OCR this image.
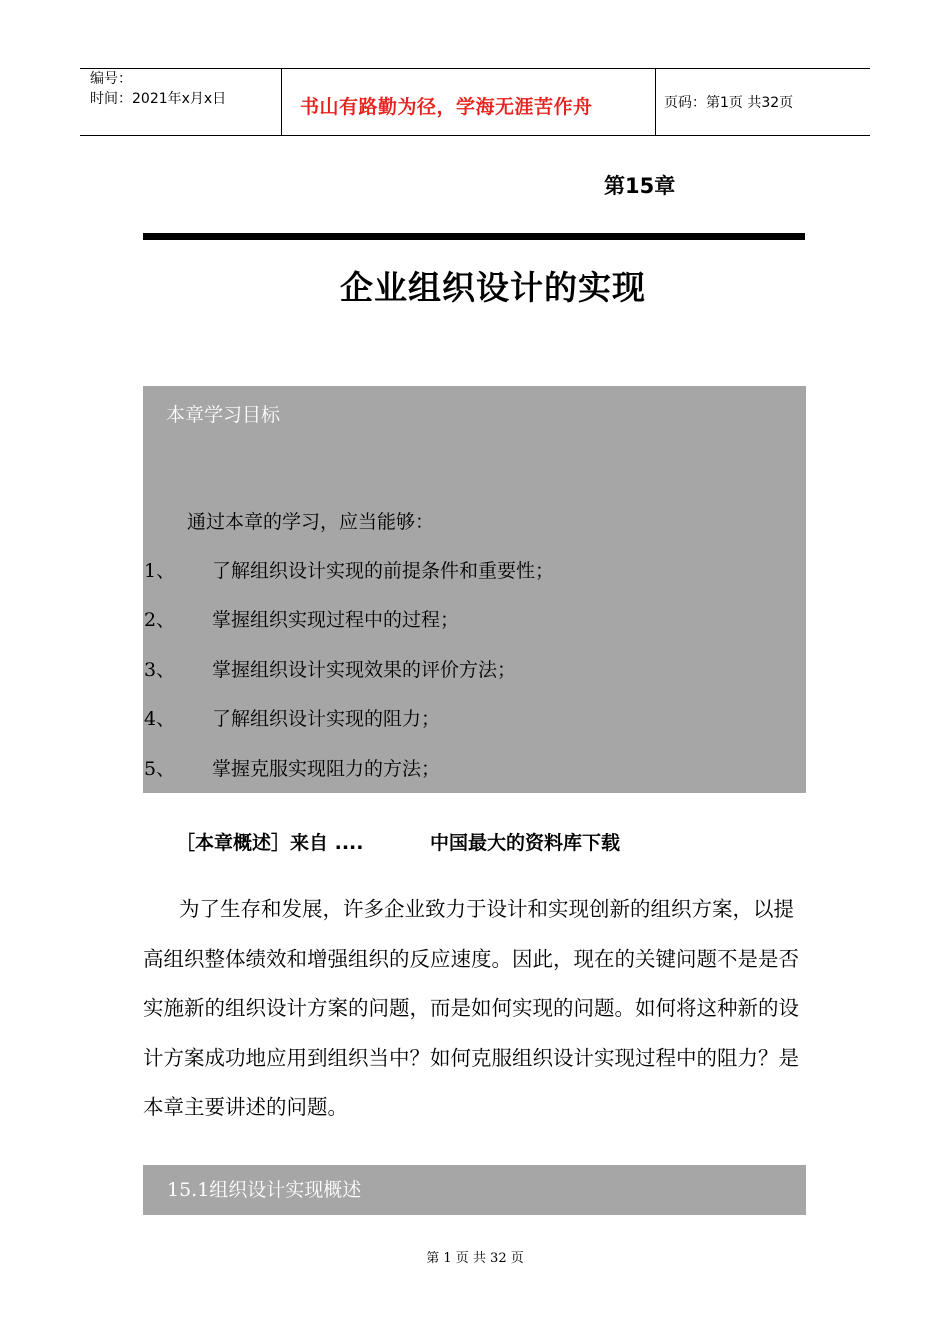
编号：
时间：2021年x月x日	书山有路勤为径，学海无涯苦作舟	页码：第1页 共32页
第15章
企业组织设计的实现
本章学习目标
通过本章的学习，应当能够：
1、 了解组织设计实现的前提条件和重要性；
2、 掌握组织实现过程中的过程；
3、 掌握组织设计实现效果的评价方法；
4、 了解组织设计实现的阻力；
5、 掌握克服实现阻力的方法；
［本章概述］来自 ....	中国最大的资料库下载

为了生存和发展，许多企业致力于设计和实现创新的组织方案，以提高组织整体绩效和增强组织的反应速度。因此，现在的关键问题不是是否实施新的组织设计方案的问题，而是如何实现的问题。如何将这种新的设计方案成功地应用到组织当中？如何克服组织设计实现过程中的阻力？是本章主要讲述的问题。

15.1组织设计实现概述
第 1 页 共 32 页
